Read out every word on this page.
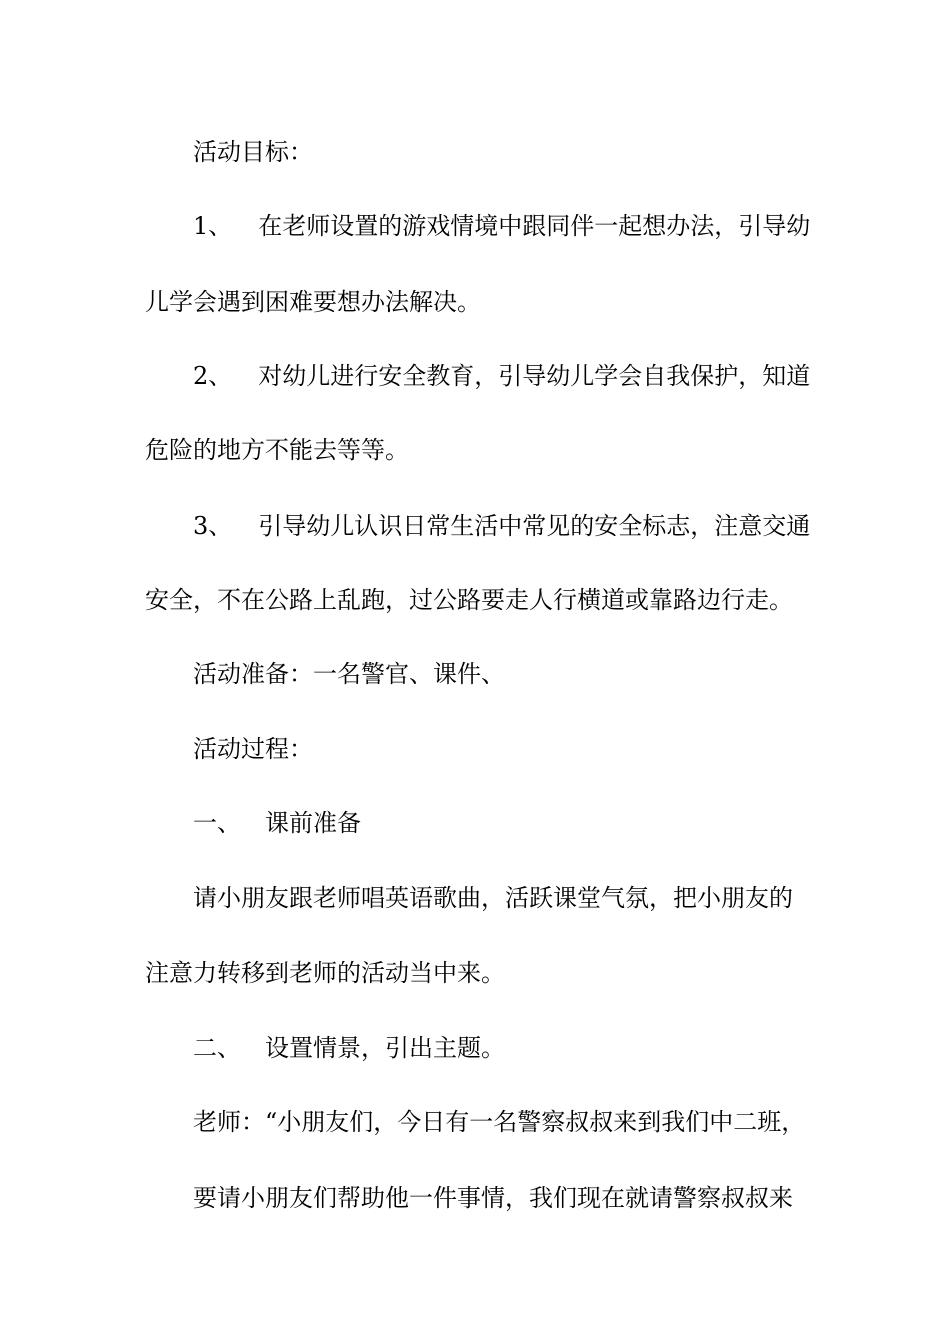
活动目标：
1、 在老师设置的游戏情境中跟同伴一起想办法，引导幼
儿学会遇到困难要想办法解决。
2、 对幼儿进行安全教育，引导幼儿学会自我保护，知道
危险的地方不能去等等。
3、 引导幼儿认识日常生活中常见的安全标志，注意交通
安全，不在公路上乱跑，过公路要走人行横道或靠路边行走。
活动准备：一名警官、课件、
活动过程：
一、 课前准备
请小朋友跟老师唱英语歌曲，活跃课堂气氛，把小朋友的
注意力转移到老师的活动当中来。
二、 设置情景，引出主题。
老师：“小朋友们，今日有一名警察叔叔来到我们中二班，
要请小朋友们帮助他一件事情，我们现在就请警察叔叔来
